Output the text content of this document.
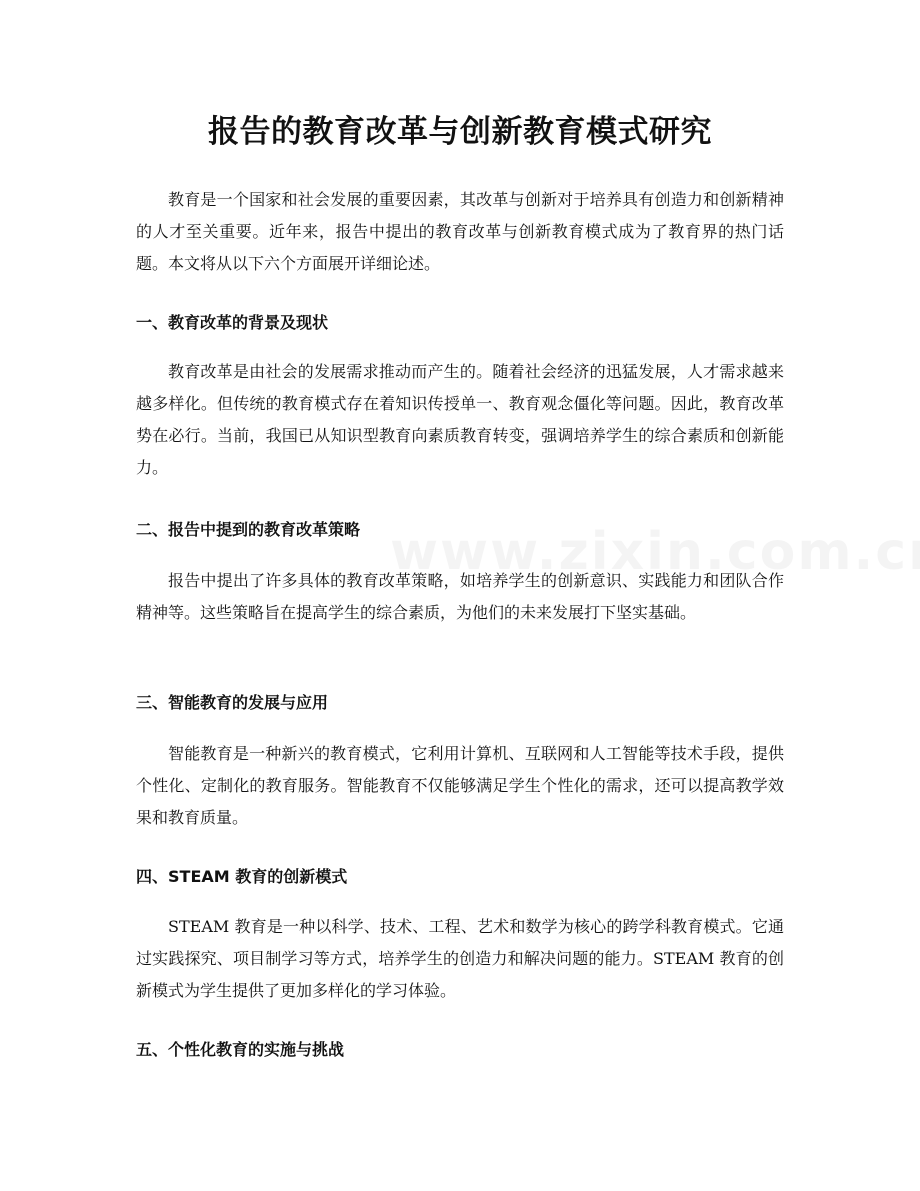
报告的教育改革与创新教育模式研究

教育是一个国家和社会发展的重要因素，其改革与创新对于培养具有创造力和创新精神的人才至关重要。近年来，报告中提出的教育改革与创新教育模式成为了教育界的热门话题。本文将从以下六个方面展开详细论述。

一、教育改革的背景及现状

教育改革是由社会的发展需求推动而产生的。随着社会经济的迅猛发展，人才需求越来越多样化。但传统的教育模式存在着知识传授单一、教育观念僵化等问题。因此，教育改革势在必行。当前，我国已从知识型教育向素质教育转变，强调培养学生的综合素质和创新能力。

二、报告中提到的教育改革策略

报告中提出了许多具体的教育改革策略，如培养学生的创新意识、实践能力和团队合作精神等。这些策略旨在提高学生的综合素质，为他们的未来发展打下坚实基础。

三、智能教育的发展与应用

智能教育是一种新兴的教育模式，它利用计算机、互联网和人工智能等技术手段，提供个性化、定制化的教育服务。智能教育不仅能够满足学生个性化的需求，还可以提高教学效果和教育质量。

四、STEAM 教育的创新模式

STEAM 教育是一种以科学、技术、工程、艺术和数学为核心的跨学科教育模式。它通过实践探究、项目制学习等方式，培养学生的创造力和解决问题的能力。STEAM 教育的创新模式为学生提供了更加多样化的学习体验。

五、个性化教育的实施与挑战
